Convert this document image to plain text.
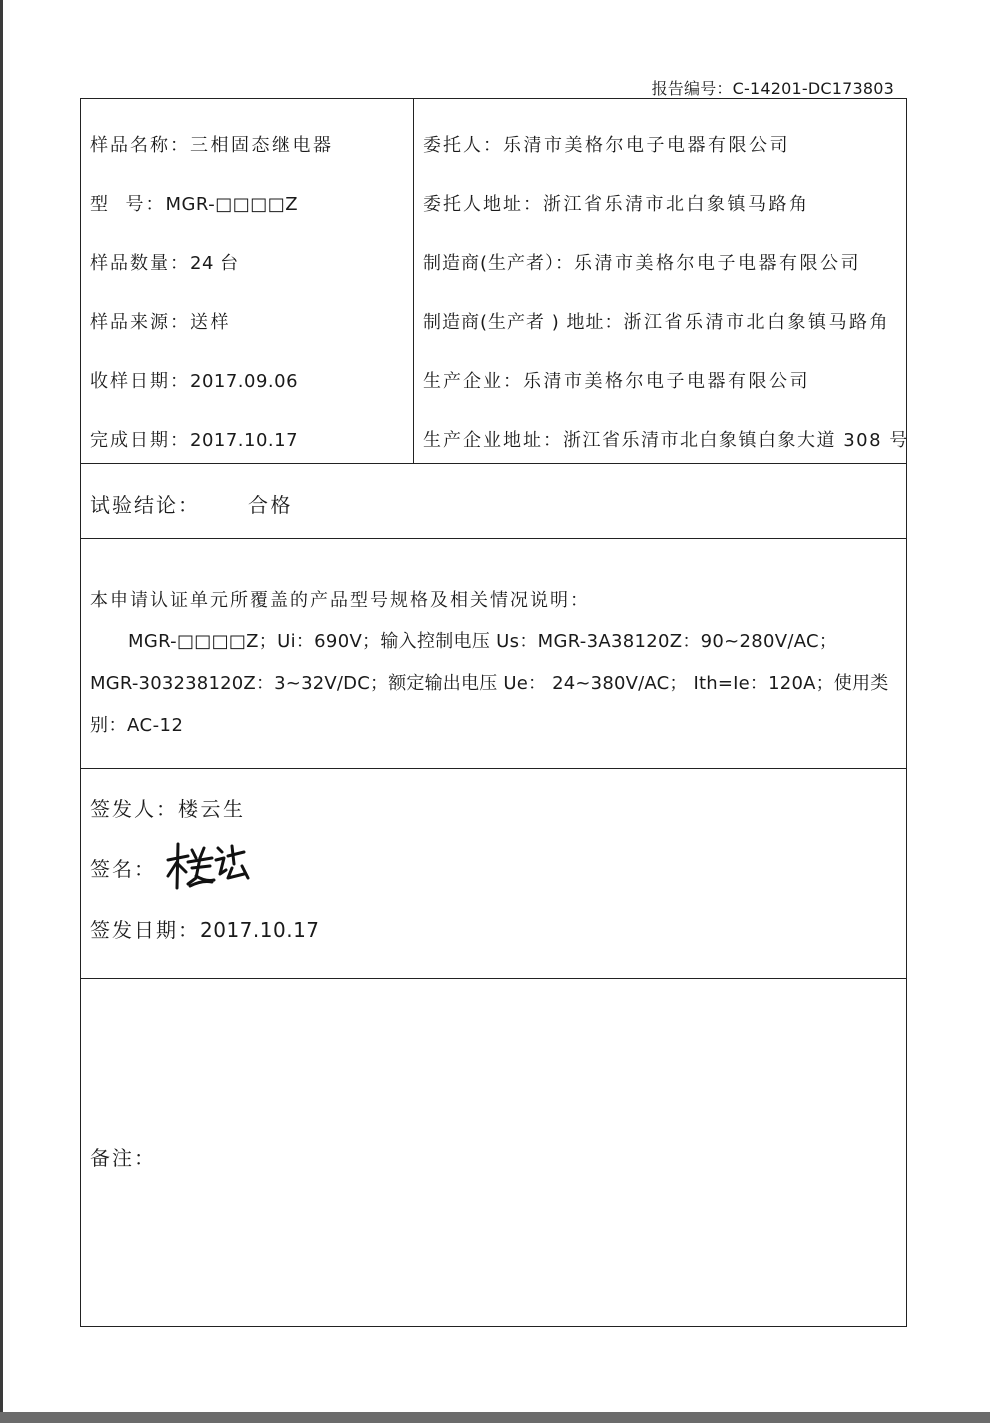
报告编号：C-14201-DC173803
样品名称：三相固态继电器
型  号：MGR-□□□□Z
样品数量：24 台
样品来源：送样
收样日期：2017.09.06
完成日期：2017.10.17
委托人：乐清市美格尔电子电器有限公司
委托人地址：浙江省乐清市北白象镇马路角
制造商(生产者）：乐清市美格尔电子电器有限公司
制造商(生产者 ) 地址：浙江省乐清市北白象镇马路角
生产企业：乐清市美格尔电子电器有限公司
生产企业地址：浙江省乐清市北白象镇白象大道 308 号
试验结论： 合格
本申请认证单元所覆盖的产品型号规格及相关情况说明：
MGR-□□□□Z；Ui：690V；输入控制电压 Us：MGR-3A38120Z：90~280V/AC；
MGR-303238120Z：3~32V/DC；额定输出电压 Ue： 24~380V/AC； Ith=Ie：120A；使用类
别：AC-12
签发人：楼云生
签名：
签发日期：2017.10.17
备注：
